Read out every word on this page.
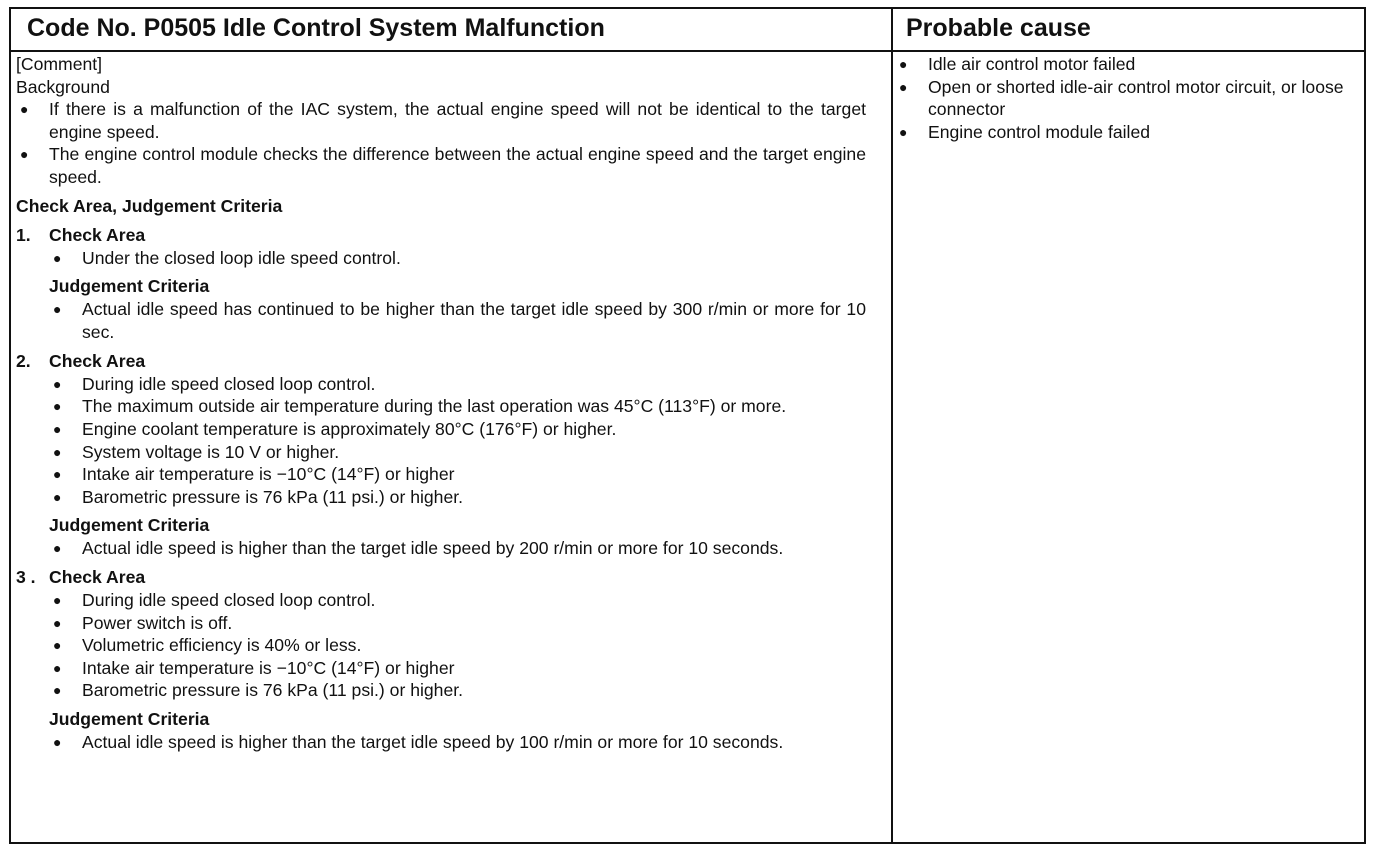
Code No. P0505 Idle Control System Malfunction	Probable cause

[Comment]

Background

● If there is a malfunction of the IAC system, the actual engine speed will not be identical to the target engine speed.
● The engine control module checks the difference between the actual engine speed and the target engine speed.
Check Area, Judgement Criteria
1. Check Area
● Under the closed loop idle speed control.
Judgement Criteria
● Actual idle speed has continued to be higher than the target idle speed by 300 r/min or more for 10 sec.
2. Check Area
● During idle speed closed loop control.
● The maximum outside air temperature during the last operation was 45°C (113°F) or more.
● Engine coolant temperature is approximately 80°C (176°F) or higher.
● System voltage is 10 V or higher.
● Intake air temperature is −10°C (14°F) or higher
● Barometric pressure is 76 kPa (11 psi.) or higher.
Judgement Criteria
● Actual idle speed is higher than the target idle speed by 200 r/min or more for 10 seconds.
3 . Check Area
● During idle speed closed loop control.
● Power switch is off.
● Volumetric efficiency is 40% or less.
● Intake air temperature is −10°C (14°F) or higher
● Barometric pressure is 76 kPa (11 psi.) or higher.
Judgement Criteria
● Actual idle speed is higher than the target idle speed by 100 r/min or more for 10 seconds.
● Idle air control motor failed
● Open or shorted idle-air control motor circuit, or loose connector
● Engine control module failed
